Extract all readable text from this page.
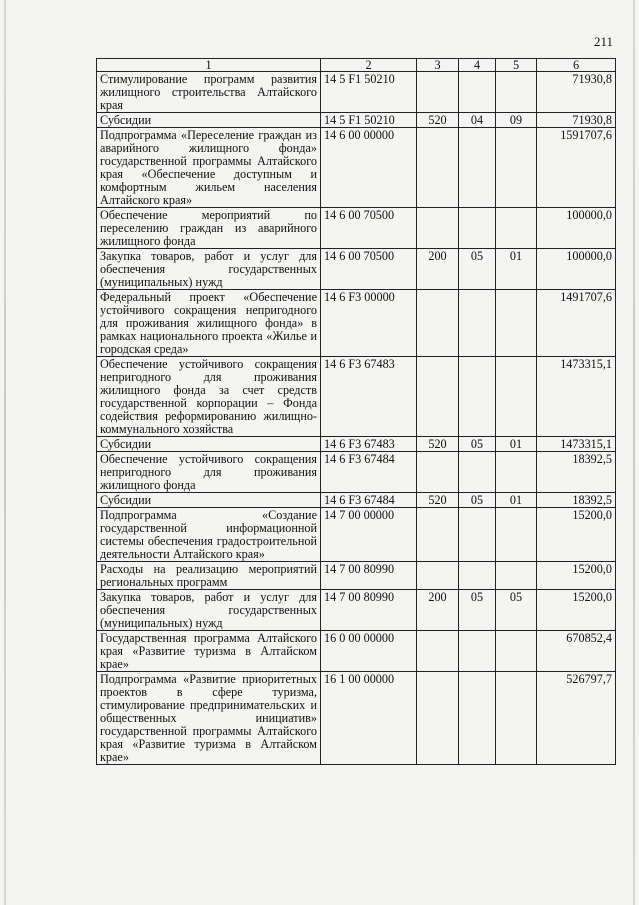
211
1	2	3	4	5	6
Стимулирование программ развития жилищного строительства Алтайского края	14 5 F1 50210				71930,8
Субсидии	14 5 F1 50210	520	04	09	71930,8
Подпрограмма «Переселение граждан из аварийного жилищного фонда» государственной программы Алтайского края «Обеспечение доступным и комфортным жильем населения Алтайского края»	14 6 00 00000				1591707,6
Обеспечение мероприятий по переселению граждан из аварийного жилищного фонда	14 6 00 70500				100000,0
Закупка товаров, работ и услуг для обеспечения государственных (муниципальных) нужд	14 6 00 70500	200	05	01	100000,0
Федеральный проект «Обеспечение устойчивого сокращения непригодного для проживания жилищного фонда» в рамках национального проекта «Жилье и городская среда»	14 6 F3 00000				1491707,6
Обеспечение устойчивого сокращения непригодного для проживания жилищного фонда за счет средств государственной корпорации – Фонда содействия реформированию жилищно-коммунального хозяйства	14 6 F3 67483				1473315,1
Субсидии	14 6 F3 67483	520	05	01	1473315,1
Обеспечение устойчивого сокращения непригодного для проживания жилищного фонда	14 6 F3 67484				18392,5
Субсидии	14 6 F3 67484	520	05	01	18392,5
Подпрограмма «Создание государственной информационной системы обеспечения градостроительной деятельности Алтайского края»	14 7 00 00000				15200,0
Расходы на реализацию мероприятий региональных программ	14 7 00 80990				15200,0
Закупка товаров, работ и услуг для обеспечения государственных (муниципальных) нужд	14 7 00 80990	200	05	05	15200,0
Государственная программа Алтайского края «Развитие туризма в Алтайском крае»	16 0 00 00000				670852,4
Подпрограмма «Развитие приоритетных проектов в сфере туризма, стимулирование предпринимательских и общественных инициатив» государственной программы Алтайского края «Развитие туризма в Алтайском крае»	16 1 00 00000				526797,7
